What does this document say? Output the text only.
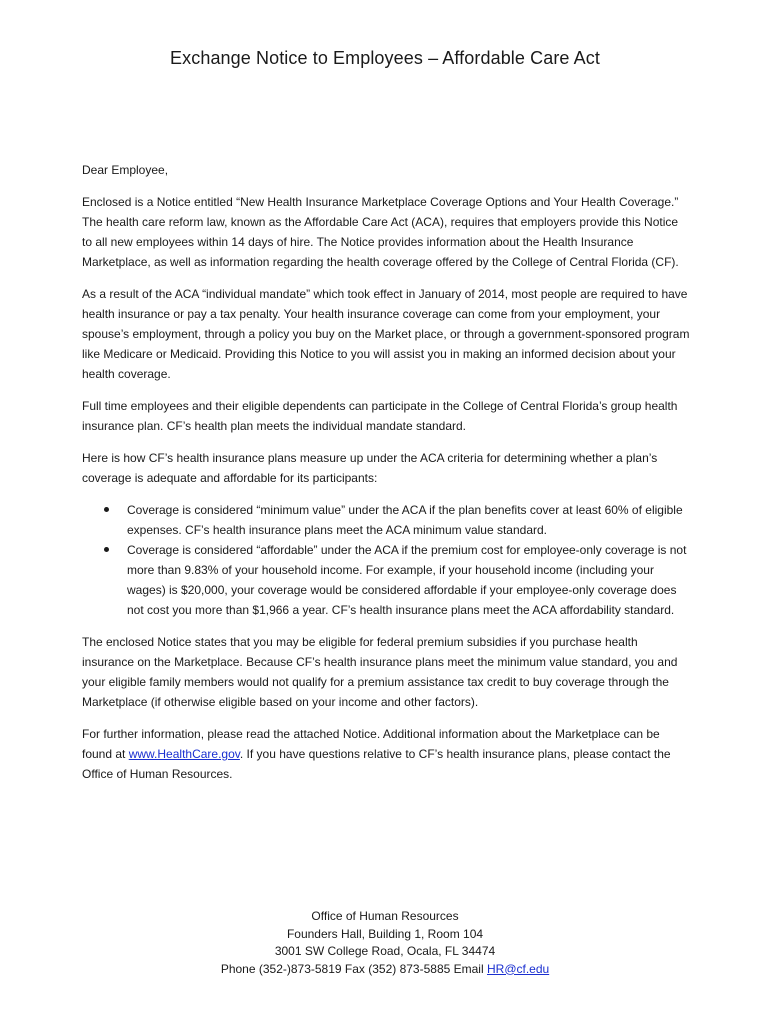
Exchange Notice to Employees – Affordable Care Act

Dear Employee,

Enclosed is a Notice entitled “New Health Insurance Marketplace Coverage Options and Your Health Coverage.” The health care reform law, known as the Affordable Care Act (ACA), requires that employers provide this Notice to all new employees within 14 days of hire. The Notice provides information about the Health Insurance Marketplace, as well as information regarding the health coverage offered by the College of Central Florida (CF).

As a result of the ACA “individual mandate” which took effect in January of 2014, most people are required to have health insurance or pay a tax penalty. Your health insurance coverage can come from your employment, your spouse’s employment, through a policy you buy on the Market place, or through a government-sponsored program like Medicare or Medicaid. Providing this Notice to you will assist you in making an informed decision about your health coverage.

Full time employees and their eligible dependents can participate in the College of Central Florida’s group health insurance plan. CF’s health plan meets the individual mandate standard.

Here is how CF’s health insurance plans measure up under the ACA criteria for determining whether a plan’s coverage is adequate and affordable for its participants:

Coverage is considered “minimum value” under the ACA if the plan benefits cover at least 60% of eligible expenses. CF’s health insurance plans meet the ACA minimum value standard.
Coverage is considered “affordable” under the ACA if the premium cost for employee-only coverage is not more than 9.83% of your household income. For example, if your household income (including your wages) is $20,000, your coverage would be considered affordable if your employee-only coverage does not cost you more than $1,966 a year. CF’s health insurance plans meet the ACA affordability standard.

The enclosed Notice states that you may be eligible for federal premium subsidies if you purchase health insurance on the Marketplace. Because CF’s health insurance plans meet the minimum value standard, you and your eligible family members would not qualify for a premium assistance tax credit to buy coverage through the Marketplace (if otherwise eligible based on your income and other factors).

For further information, please read the attached Notice. Additional information about the Marketplace can be found at www.HealthCare.gov. If you have questions relative to CF’s health insurance plans, please contact the Office of Human Resources.

Office of Human Resources
Founders Hall, Building 1, Room 104
3001 SW College Road, Ocala, FL 34474
Phone (352-)873-5819 Fax (352) 873-5885 Email HR@cf.edu
